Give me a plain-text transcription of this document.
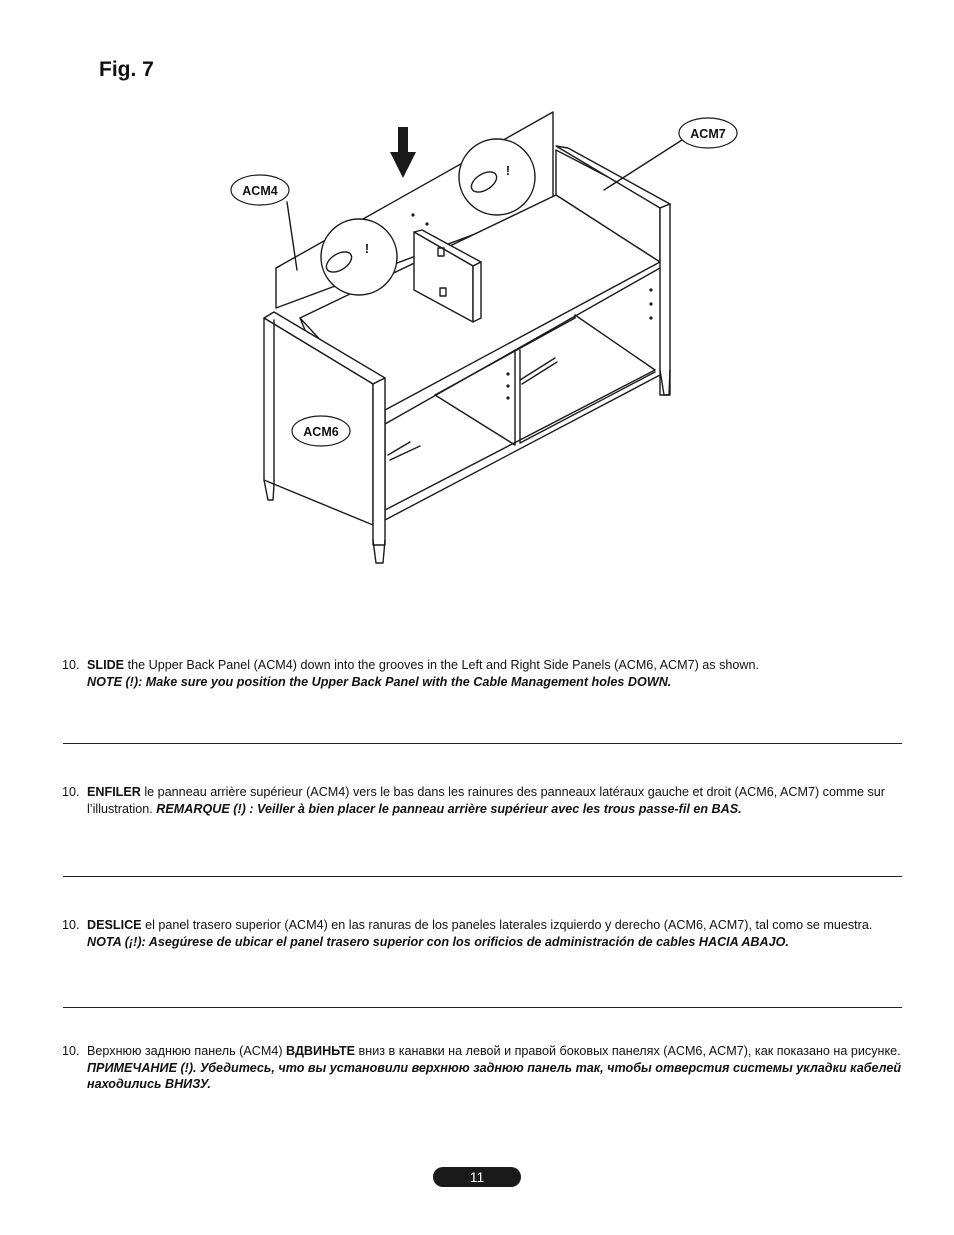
Fig. 7
!
!
ACM4
ACM7
ACM6
10. SLIDE the Upper Back Panel (ACM4) down into the grooves in the Left and Right Side Panels (ACM6, ACM7) as shown.
NOTE (!): Make sure you position the Upper Back Panel with the Cable Management holes DOWN.
10. ENFILER le panneau arrière supérieur (ACM4) vers le bas dans les rainures des panneaux latéraux gauche et droit (ACM6, ACM7) comme sur l’illustration. REMARQUE (!) : Veiller à bien placer le panneau arrière supérieur avec les trous passe-fil en BAS.
10. DESLICE el panel trasero superior (ACM4) en las ranuras de los paneles laterales izquierdo y derecho (ACM6, ACM7), tal como se muestra. NOTA (¡!): Asegúrese de ubicar el panel trasero superior con los orificios de administración de cables HACIA ABAJO.
10. Верхнюю заднюю панель (ACM4) ВДВИНЬТЕ вниз в канавки на левой и правой боковых панелях (ACM6, ACM7), как показано на рисунке. ПРИМЕЧАНИЕ (!). Убедитесь, что вы установили верхнюю заднюю панель так, чтобы отверстия системы укладки кабелей находились ВНИЗУ.
11
